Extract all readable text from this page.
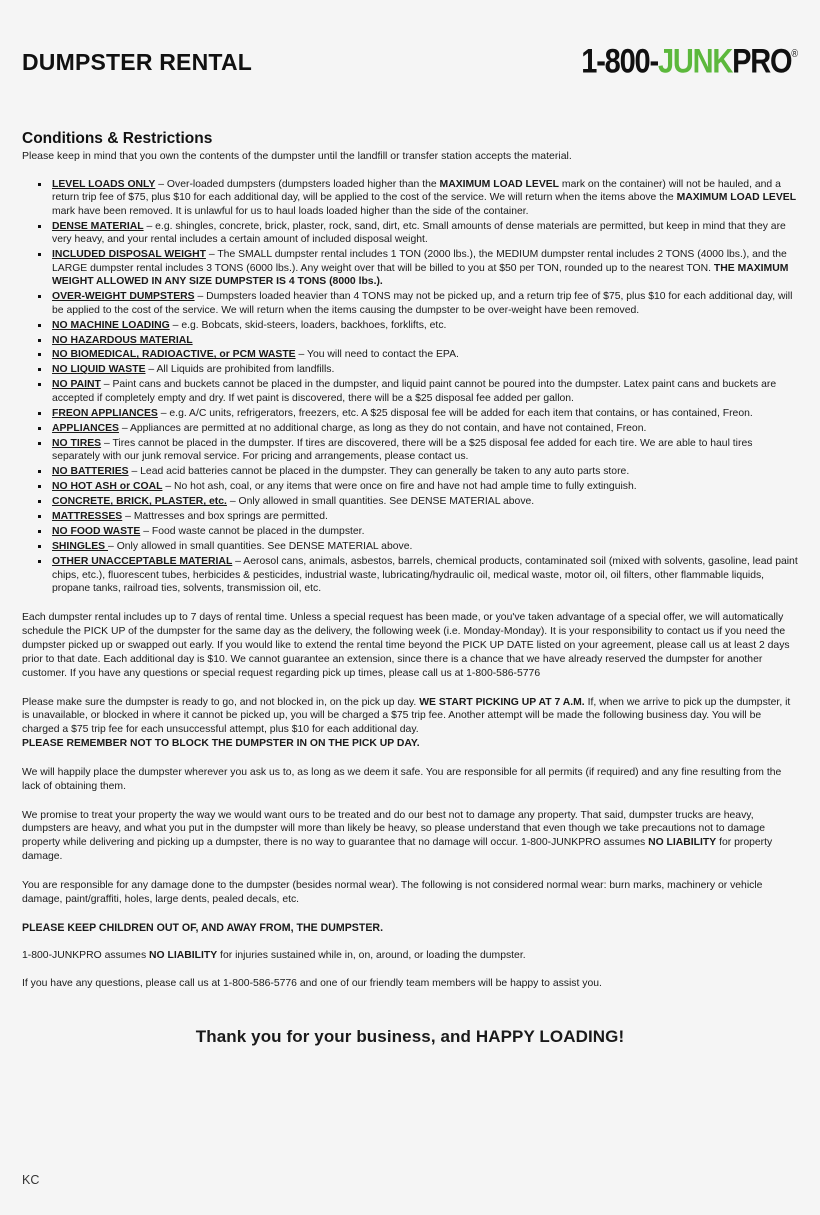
DUMPSTER RENTAL	1-800- JUNK PRO ®
Conditions & Restrictions

Please keep in mind that you own the contents of the dumpster until the landfill or transfer station accepts the material.

LEVEL LOADS ONLY – Over-loaded dumpsters (dumpsters loaded higher than the MAXIMUM LOAD LEVEL mark on the container) will not be hauled, and a return trip fee of $75, plus $10 for each additional day, will be applied to the cost of the service. We will return when the items above the MAXIMUM LOAD LEVEL mark have been removed. It is unlawful for us to haul loads loaded higher than the side of the container.
DENSE MATERIAL – e.g. shingles, concrete, brick, plaster, rock, sand, dirt, etc. Small amounts of dense materials are permitted, but keep in mind that they are very heavy, and your rental includes a certain amount of included disposal weight.
INCLUDED DISPOSAL WEIGHT – The SMALL dumpster rental includes 1 TON (2000 lbs.), the MEDIUM dumpster rental includes 2 TONS (4000 lbs.), and the LARGE dumpster rental includes 3 TONS (6000 lbs.). Any weight over that will be billed to you at $50 per TON, rounded up to the nearest TON. THE MAXIMUM WEIGHT ALLOWED IN ANY SIZE DUMPSTER IS 4 TONS (8000 lbs.).
OVER-WEIGHT DUMPSTERS – Dumpsters loaded heavier than 4 TONS may not be picked up, and a return trip fee of $75, plus $10 for each additional day, will be applied to the cost of the service. We will return when the items causing the dumpster to be over-weight have been removed.
NO MACHINE LOADING – e.g. Bobcats, skid-steers, loaders, backhoes, forklifts, etc.
NO HAZARDOUS MATERIAL
NO BIOMEDICAL, RADIOACTIVE, or PCM WASTE – You will need to contact the EPA.
NO LIQUID WASTE – All Liquids are prohibited from landfills.
NO PAINT – Paint cans and buckets cannot be placed in the dumpster, and liquid paint cannot be poured into the dumpster. Latex paint cans and buckets are accepted if completely empty and dry. If wet paint is discovered, there will be a $25 disposal fee added per gallon.
FREON APPLIANCES – e.g. A/C units, refrigerators, freezers, etc. A $25 disposal fee will be added for each item that contains, or has contained, Freon.
APPLIANCES – Appliances are permitted at no additional charge, as long as they do not contain, and have not contained, Freon.
NO TIRES – Tires cannot be placed in the dumpster. If tires are discovered, there will be a $25 disposal fee added for each tire. We are able to haul tires separately with our junk removal service. For pricing and arrangements, please contact us.
NO BATTERIES – Lead acid batteries cannot be placed in the dumpster. They can generally be taken to any auto parts store.
NO HOT ASH or COAL – No hot ash, coal, or any items that were once on fire and have not had ample time to fully extinguish.
CONCRETE, BRICK, PLASTER, etc. – Only allowed in small quantities. See DENSE MATERIAL above.
MATTRESSES – Mattresses and box springs are permitted.
NO FOOD WASTE – Food waste cannot be placed in the dumpster.
SHINGLES – Only allowed in small quantities. See DENSE MATERIAL above.
OTHER UNACCEPTABLE MATERIAL – Aerosol cans, animals, asbestos, barrels, chemical products, contaminated soil (mixed with solvents, gasoline, lead paint chips, etc.), fluorescent tubes, herbicides & pesticides, industrial waste, lubricating/hydraulic oil, medical waste, motor oil, oil filters, other flammable liquids, propane tanks, railroad ties, solvents, transmission oil, etc.

Each dumpster rental includes up to 7 days of rental time. Unless a special request has been made, or you've taken advantage of a special offer, we will automatically schedule the PICK UP of the dumpster for the same day as the delivery, the following week (i.e. Monday-Monday). It is your responsibility to contact us if you need the dumpster picked up or swapped out early. If you would like to extend the rental time beyond the PICK UP DATE listed on your agreement, please call us at least 2 days prior to that date. Each additional day is $10. We cannot guarantee an extension, since there is a chance that we have already reserved the dumpster for another customer. If you have any questions or special request regarding pick up times, please call us at 1-800-586-5776

Please make sure the dumpster is ready to go, and not blocked in, on the pick up day. WE START PICKING UP AT 7 A.M. If, when we arrive to pick up the dumpster, it is unavailable, or blocked in where it cannot be picked up, you will be charged a $75 trip fee. Another attempt will be made the following business day. You will be charged a $75 trip fee for each unsuccessful attempt, plus $10 for each additional day.
PLEASE REMEMBER NOT TO BLOCK THE DUMPSTER IN ON THE PICK UP DAY.

We will happily place the dumpster wherever you ask us to, as long as we deem it safe. You are responsible for all permits (if required) and any fine resulting from the lack of obtaining them.

We promise to treat your property the way we would want ours to be treated and do our best not to damage any property. That said, dumpster trucks are heavy, dumpsters are heavy, and what you put in the dumpster will more than likely be heavy, so please understand that even though we take precautions not to damage property while delivering and picking up a dumpster, there is no way to guarantee that no damage will occur. 1-800-JUNKPRO assumes NO LIABILITY for property damage.

You are responsible for any damage done to the dumpster (besides normal wear). The following is not considered normal wear: burn marks, machinery or vehicle damage, paint/graffiti, holes, large dents, pealed decals, etc.

PLEASE KEEP CHILDREN OUT OF, AND AWAY FROM, THE DUMPSTER.

1-800-JUNKPRO assumes NO LIABILITY for injuries sustained while in, on, around, or loading the dumpster.

If you have any questions, please call us at 1-800-586-5776 and one of our friendly team members will be happy to assist you.

Thank you for your business, and HAPPY LOADING!

KC
